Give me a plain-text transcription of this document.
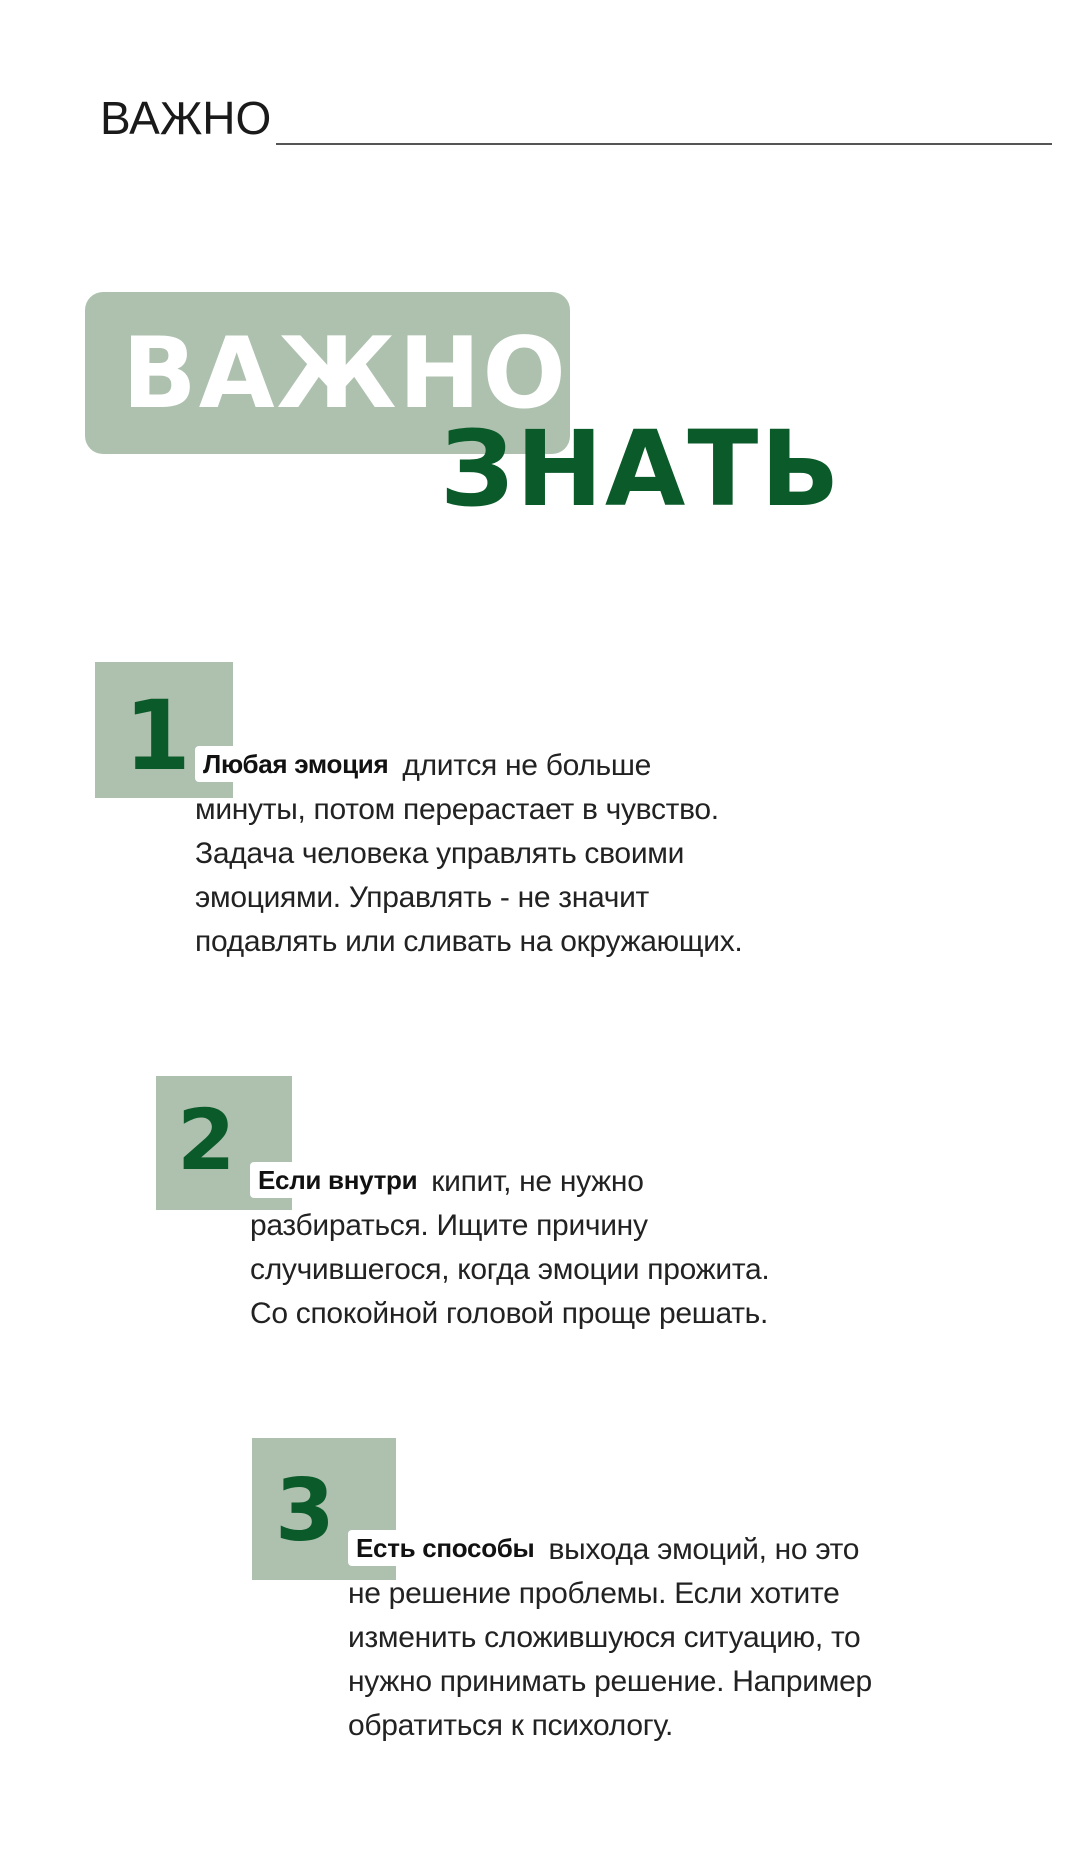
ВАЖНО
ВАЖНО
ЗНАТЬ
1 Любая эмоция длится не больше минуты, потом перерастает в чувство. Задача человека управлять своими эмоциями. Управлять - не значит подавлять или сливать на окружающих.
2 Если внутри кипит, не нужно разбираться. Ищите причину случившегося, когда эмоции прожита. Со спокойной головой проще решать.
3 Есть способы выхода эмоций, но это не решение проблемы. Если хотите изменить сложившуюся ситуацию, то нужно принимать решение. Например обратиться к психологу.
